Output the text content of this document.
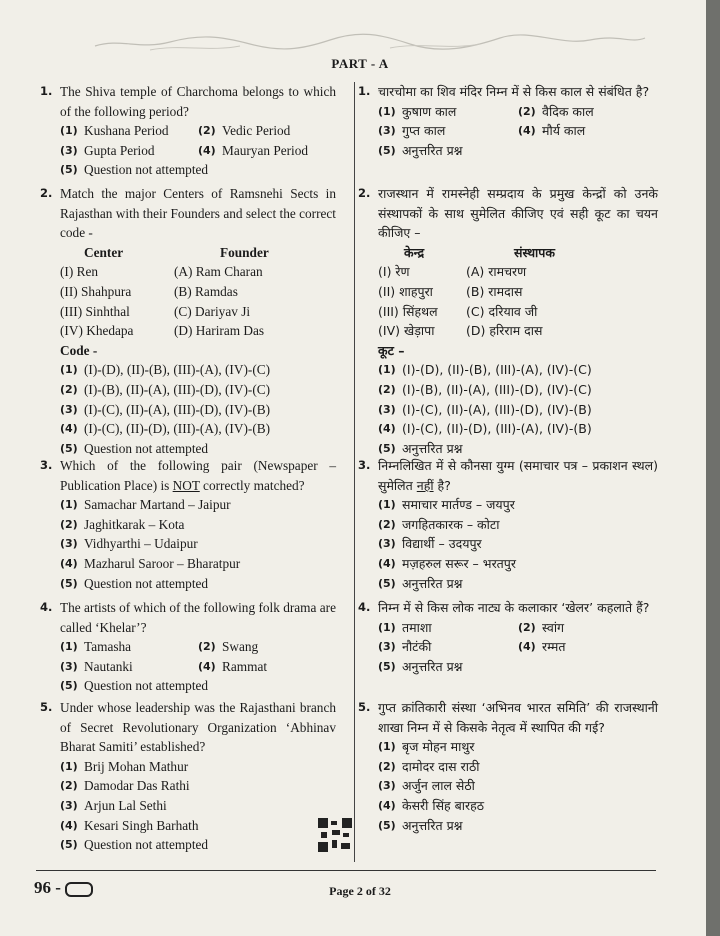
PART - A
1. The Shiva temple of Charchoma belongs to which of the following period?
(1) Kushana Period	(2) Vedic Period
(3) Gupta Period	(4) Mauryan Period
(5) Question not attempted
2. Match the major Centers of Ramsnehi Sects in Rajasthan with their Founders and select the correct code -
Center	Founder
(I) Ren	(A) Ram Charan
(II) Shahpura	(B) Ramdas
(III) Sinhthal	(C) Dariyav Ji
(IV) Khedapa	(D) Hariram Das
Code -
(1) (I)-(D), (II)-(B), (III)-(A), (IV)-(C)
(2) (I)-(B), (II)-(A), (III)-(D), (IV)-(C)
(3) (I)-(C), (II)-(A), (III)-(D), (IV)-(B)
(4) (I)-(C), (II)-(D), (III)-(A), (IV)-(B)
(5) Question not attempted
3. Which of the following pair (Newspaper – Publication Place) is NOT correctly matched?
(1) Samachar Martand – Jaipur
(2) Jaghitkarak – Kota
(3) Vidhyarthi – Udaipur
(4) Mazharul Saroor – Bharatpur
(5) Question not attempted
4. The artists of which of the following folk drama are called ‘Khelar’?
(1) Tamasha	(2) Swang
(3) Nautanki	(4) Rammat
(5) Question not attempted
5. Under whose leadership was the Rajasthani branch of Secret Revolutionary Organization ‘Abhinav Bharat Samiti’ established?
(1) Brij Mohan Mathur
(2) Damodar Das Rathi
(3) Arjun Lal Sethi
(4) Kesari Singh Barhath
(5) Question not attempted
1. चारचोमा का शिव मंदिर निम्न में से किस काल से संबंधित है?
(1) कुषाण काल	(2) वैदिक काल
(3) गुप्त काल	(4) मौर्य काल
(5) अनुत्तरित प्रश्न
2. राजस्थान में रामस्नेही सम्प्रदाय के प्रमुख केन्द्रों को उनके संस्थापकों के साथ सुमेलित कीजिए एवं सही कूट का चयन कीजिए –
केन्द्र	संस्थापक
(I) रेण	(A) रामचरण
(II) शाहपुरा	(B) रामदास
(III) सिंहथल	(C) दरियाव जी
(IV) खेड़ापा	(D) हरिराम दास
कूट –
(1) (I)-(D), (II)-(B), (III)-(A), (IV)-(C)
(2) (I)-(B), (II)-(A), (III)-(D), (IV)-(C)
(3) (I)-(C), (II)-(A), (III)-(D), (IV)-(B)
(4) (I)-(C), (II)-(D), (III)-(A), (IV)-(B)
(5) अनुत्तरित प्रश्न
3. निम्नलिखित में से कौनसा युग्म (समाचार पत्र – प्रकाशन स्थल) सुमेलित नहीं है?
(1) समाचार मार्तण्ड – जयपुर
(2) जगहितकारक – कोटा
(3) विद्यार्थी – उदयपुर
(4) मज़हरुल सरूर – भरतपुर
(5) अनुत्तरित प्रश्न
4. निम्न में से किस लोक नाट्य के कलाकार ‘खेलर’ कहलाते हैं?
(1) तमाशा	(2) स्वांग
(3) नौटंकी	(4) रम्मत
(5) अनुत्तरित प्रश्न
5. गुप्त क्रांतिकारी संस्था ‘अभिनव भारत समिति’ की राजस्थानी शाखा निम्न में से किसके नेतृत्व में स्थापित की गई?
(1) बृज मोहन माथुर
(2) दामोदर दास राठी
(3) अर्जुन लाल सेठी
(4) केसरी सिंह बारहठ
(5) अनुत्तरित प्रश्न
96 -	Page 2 of 32
